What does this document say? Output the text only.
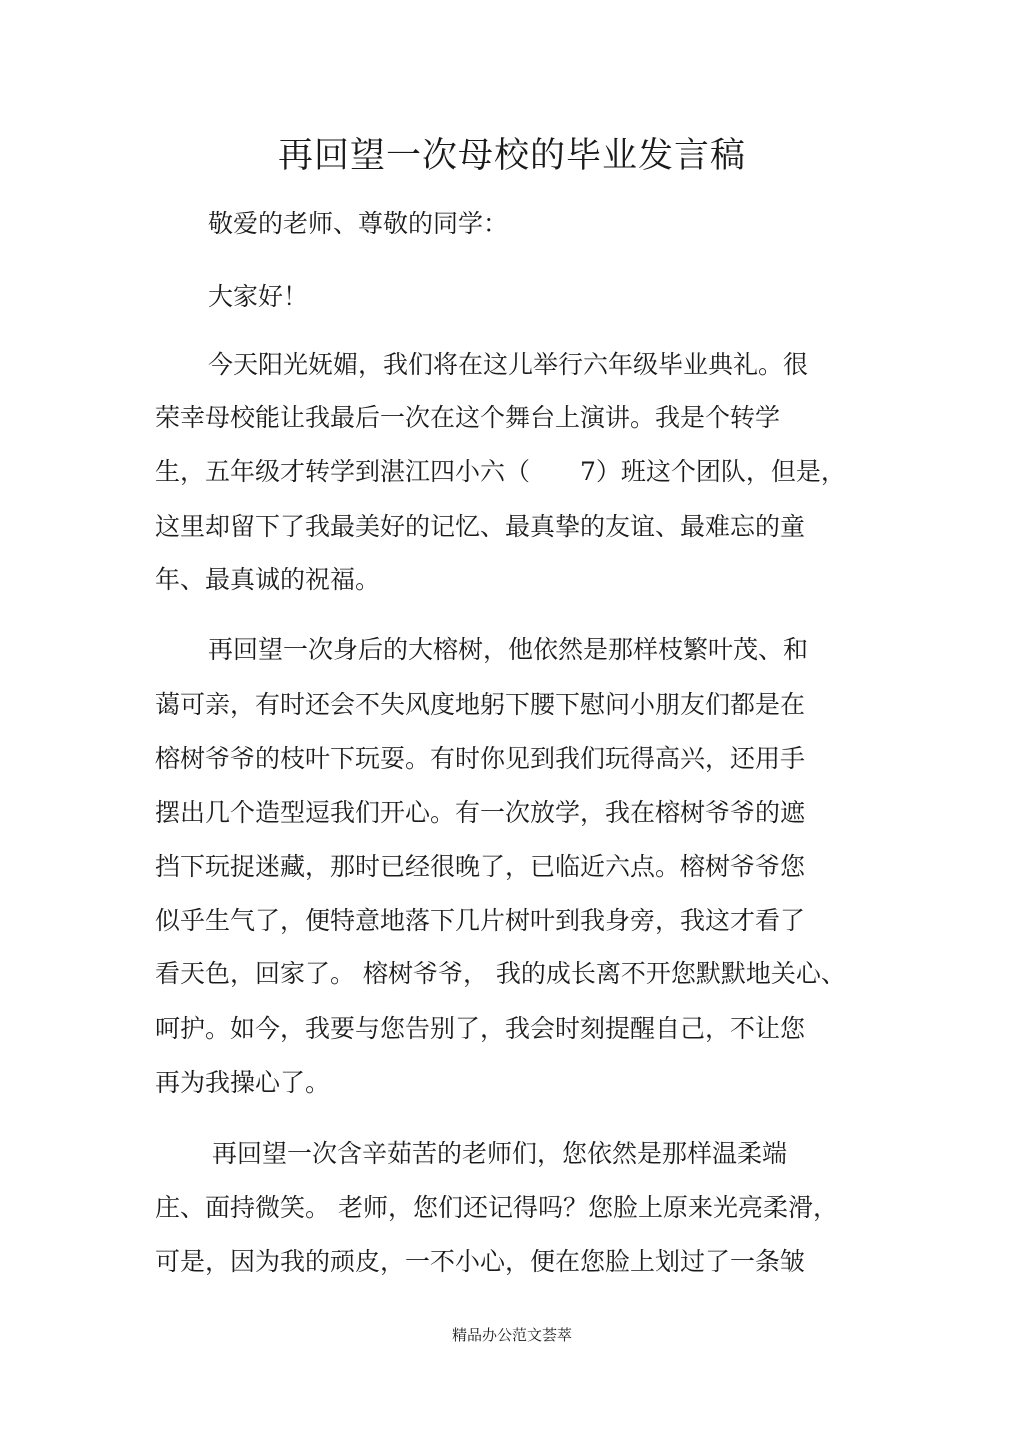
再回望一次母校的毕业发言稿

敬爱的老师、尊敬的同学：

大家好！

今天阳光妩媚，我们将在这儿举行六年级毕业典礼。很

荣幸母校能让我最后一次在这个舞台上演讲。我是个转学

生，五年级才转学到湛江四小六（　　7）班这个团队，但是，

这里却留下了我最美好的记忆、最真挚的友谊、最难忘的童

年、最真诚的祝福。

再回望一次身后的大榕树，他依然是那样枝繁叶茂、和

蔼可亲，有时还会不失风度地躬下腰下慰问小朋友们都是在

榕树爷爷的枝叶下玩耍。有时你见到我们玩得高兴，还用手

摆出几个造型逗我们开心。有一次放学，我在榕树爷爷的遮

挡下玩捉迷藏，那时已经很晚了，已临近六点。榕树爷爷您

似乎生气了，便特意地落下几片树叶到我身旁，我这才看了

看天色，回家了。 榕树爷爷， 我的成长离不开您默默地关心、

呵护。如今，我要与您告别了，我会时刻提醒自己，不让您

再为我操心了。

再回望一次含辛茹苦的老师们，您依然是那样温柔端

庄、面持微笑。 老师，您们还记得吗？您脸上原来光亮柔滑，

可是，因为我的顽皮，一不小心，便在您脸上划过了一条皱

精品办公范文荟萃
